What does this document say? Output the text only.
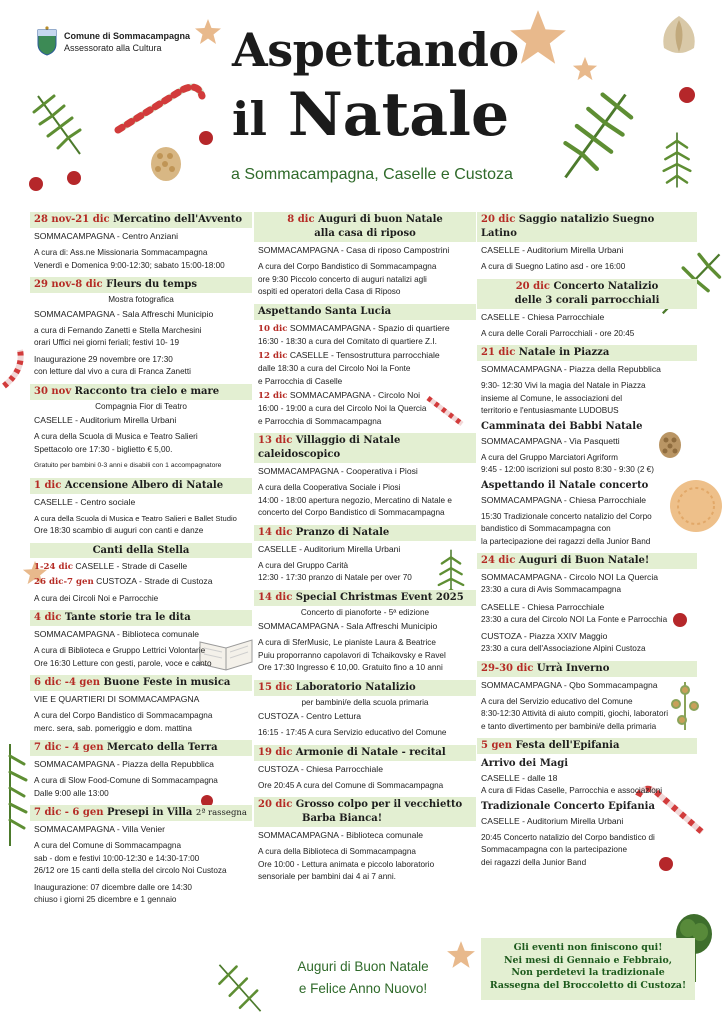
Comune di Sommacampagna
Assessorato alla Cultura	Aspettando
il Natale
a Sommacampagna, Caselle e Custoza
28 nov-21 dic Mercatino dell'Avvento
SOMMACAMPAGNA - Centro Anziani
A cura di: Ass.ne Missionaria Sommacampagna
Venerdì e Domenica 9:00-12:30; sabato 15:00-18:00
29 nov-8 dic Fleurs du temps
Mostra fotografica
SOMMACAMPAGNA - Sala Affreschi Municipio
a cura di Fernando Zanetti e Stella Marchesini
orari Uffici nei giorni feriali; festivi 10- 19
Inaugurazione 29 novembre ore 17:30
con letture dal vivo a cura di Franca Zanetti
30 nov Racconto tra cielo e mare
Compagnia Fior di Teatro
CASELLE - Auditorium Mirella Urbani
A cura della Scuola di Musica e Teatro Salieri
Spettacolo ore 17:30 - biglietto € 5,00.
Gratuito per bambini 0-3 anni e disabili con 1 accompagnatore
1 dic Accensione Albero di Natale
CASELLE - Centro sociale
A cura della Scuola di Musica e Teatro Salieri e Ballet Studio
Ore 18:30 scambio di auguri con canti e danze
Canti della Stella
1-24 dic CASELLE - Strade di Caselle
26 dic-7 gen CUSTOZA - Strade di Custoza
A cura dei Circoli Noi e Parrocchie
4 dic Tante storie tra le dita
SOMMACAMPAGNA - Biblioteca comunale
A cura di Biblioteca e Gruppo Lettrici Volontarie
Ore 16:30 Letture con gesti, parole, voce e canto
6 dic -4 gen Buone Feste in musica
VIE E QUARTIERI DI SOMMACAMPAGNA
A cura del Corpo Bandistico di Sommacampagna
merc. sera, sab. pomeriggio e dom. mattina
7 dic - 4 gen Mercato della Terra
SOMMACAMPAGNA - Piazza della Repubblica
A cura di Slow Food-Comune di Sommacampagna
Dalle 9:00 alle 13:00
7 dic - 6 gen Presepi in Villa 2ª rassegna
SOMMACAMPAGNA - Villa Venier
A cura del Comune di Sommacampagna
sab - dom e festivi 10:00-12:30 e 14:30-17:00
26/12 ore 15 canti della stella del circolo Noi Custoza
Inaugurazione: 07 dicembre dalle ore 14:30
chiuso i giorni 25 dicembre e 1 gennaio
8 dic Auguri di buon Natale
alla casa di riposo
SOMMACAMPAGNA - Casa di riposo Campostrini
A cura del Corpo Bandistico di Sommacampagna
ore 9:30 Piccolo concerto di auguri natalizi agli
ospiti ed operatori della Casa di Riposo
Aspettando Santa Lucia
10 dic SOMMACAMPAGNA - Spazio di quartiere
16:30 - 18:30 a cura del Comitato di quartiere Z.I.
12 dic CASELLE - Tensostruttura parrocchiale
dalle 18:30 a cura del Circolo Noi la Fonte
e Parrocchia di Caselle
12 dic SOMMACAMPAGNA - Circolo Noi
16:00 - 19:00 a cura del Circolo Noi la Quercia
e Parrocchia di Sommacampagna
13 dic Villaggio di Natale caleidoscopico
SOMMACAMPAGNA - Cooperativa i Piosi
A cura della Cooperativa Sociale i Piosi
14:00 - 18:00 apertura negozio, Mercatino di Natale e
concerto del Corpo Bandistico di Sommacampagna
14 dic Pranzo di Natale
CASELLE - Auditorium Mirella Urbani
A cura del Gruppo Carità
12:30 - 17:30 pranzo di Natale per over 70
14 dic Special Christmas Event 2025
Concerto di pianoforte - 5ª edizione
SOMMACAMPAGNA - Sala Affreschi Municipio
A cura di SferMusic, Le pianiste Laura & Beatrice
Puiu proporranno capolavori di Tchaikovsky e Ravel
Ore 17:30 Ingresso € 10,00. Gratuito fino a 10 anni
15 dic Laboratorio Natalizio
per bambini/e della scuola primaria
CUSTOZA - Centro Lettura
16:15 - 17:45 A cura Servizio educativo del Comune
19 dic Armonie di Natale - recital
CUSTOZA - Chiesa Parrocchiale
Ore 20:45 A cura del Comune di Sommacampagna
20 dic Grosso colpo per il vecchietto
Barba Bianca!
SOMMACAMPAGNA - Biblioteca comunale
A cura della Biblioteca di Sommacampagna
Ore 10:00 - Lettura animata e piccolo laboratorio
sensoriale per bambini dai 4 ai 7 anni.
20 dic Saggio natalizio Suegno Latino
CASELLE - Auditorium Mirella Urbani
A cura di Suegno Latino asd - ore 16:00
20 dic Concerto Natalizio
delle 3 corali parrocchiali
CASELLE - Chiesa Parrocchiale
A cura delle Corali Parrocchiali - ore 20:45
21 dic Natale in Piazza
SOMMACAMPAGNA - Piazza della Repubblica
9:30- 12:30 Vivi la magia del Natale in Piazza
insieme al Comune, le associazioni del
territorio e l'entusiasmante LUDOBUS
Camminata dei Babbi Natale
SOMMACAMPAGNA - Via Pasquetti
A cura del Gruppo Marciatori Agriform
9:45 - 12:00 iscrizioni sul posto 8:30 - 9:30 (2 €)
Aspettando il Natale concerto
SOMMACAMPAGNA - Chiesa Parrocchiale
15:30 Tradizionale concerto natalizio del Corpo
bandistico di Sommacampagna con
la partecipazione dei ragazzi della Junior Band
24 dic Auguri di Buon Natale!
SOMMACAMPAGNA - Circolo NOI La Quercia
23:30 a cura di Avis Sommacampagna
CASELLE - Chiesa Parrocchiale
23:30 a cura del Circolo NOI La Fonte e Parrocchia
CUSTOZA - Piazza XXIV Maggio
23:30 a cura dell'Associazione Alpini Custoza
29-30 dic Urrà Inverno
SOMMACAMPAGNA - Qbo Sommacampagna
A cura del Servizio educativo del Comune
8:30-12:30 Attività di aiuto compiti, giochi, laboratori
e tanto divertimento per bambini/e della primaria
5 gen Festa dell'Epifania
Arrivo dei Magi
CASELLE - dalle 18
A cura di Fidas Caselle, Parrocchia e associazioni
Tradizionale Concerto Epifania
CASELLE - Auditorium Mirella Urbani
20:45 Concerto natalizio del Corpo bandistico di
Sommacampagna con la partecipazione
dei ragazzi della Junior Band
Auguri di Buon Natale
e Felice Anno Nuovo!
Gli eventi non finiscono qui!
Nei mesi di Gennaio e Febbraio,
Non perdetevi la tradizionale
Rassegna del Broccoletto di Custoza!
